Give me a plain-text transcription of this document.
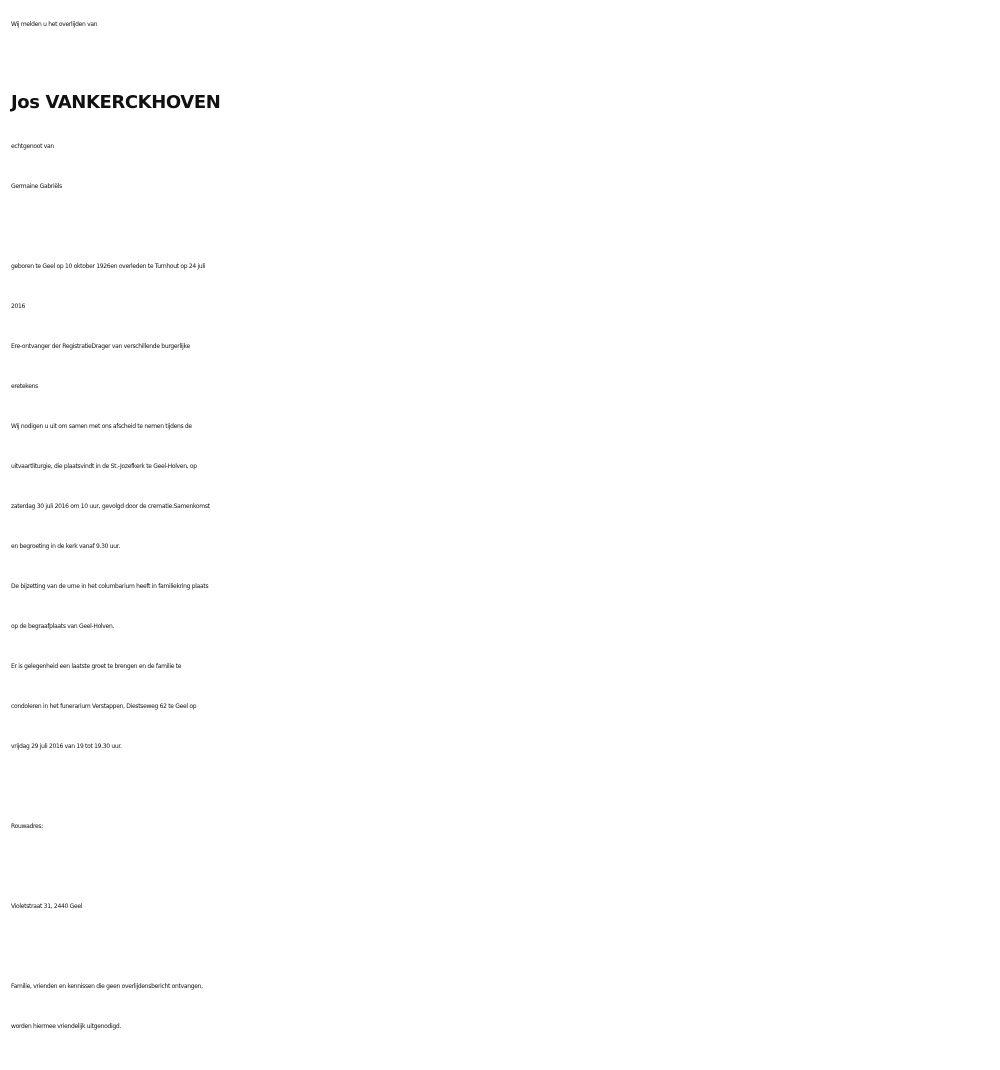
Wij melden u het overlijden van
Jos VANKERCKHOVEN
echtgenoot van
Germaine Gabriëls
geboren te Geel op 10 oktober 1926en overleden te Turnhout op 24 juli
2016
Ere-ontvanger der RegistratieDrager van verschillende burgerlijke
eretekens
Wij nodigen u uit om samen met ons afscheid te nemen tijdens de
uitvaartliturgie, die plaatsvindt in de St.-Jozefkerk te Geel-Holven, op
zaterdag 30 juli 2016 om 10 uur, gevolgd door de crematie.Samenkomst
en begroeting in de kerk vanaf 9.30 uur.
De bijzetting van de urne in het columbarium heeft in familiekring plaats
op de begraafplaats van Geel-Holven.
Er is gelegenheid een laatste groet te brengen en de familie te
condoleren in het funerarium Verstappen, Diestseweg 62 te Geel op
vrijdag 29 juli 2016 van 19 tot 19.30 uur.
Rouwadres:
Violetstraat 31, 2440 Geel
Familie, vrienden en kennissen die geen overlijdensbericht ontvangen,
worden hiermee vriendelijk uitgenodigd.
